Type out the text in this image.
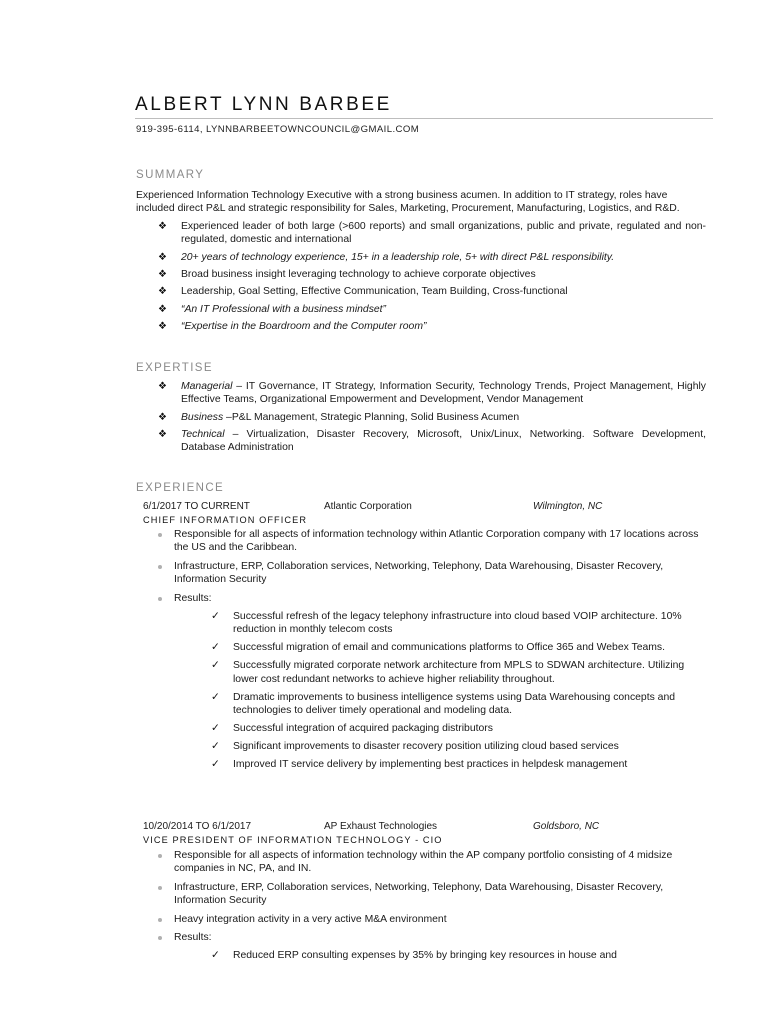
ALBERT LYNN BARBEE
919-395-6114, LYNNBARBEETOWNCOUNCIL@GMAIL.COM
SUMMARY
Experienced Information Technology Executive with a strong business acumen. In addition to IT strategy, roles have included direct P&L and strategic responsibility for Sales, Marketing, Procurement, Manufacturing, Logistics, and R&D.
❖ Experienced leader of both large (>600 reports) and small organizations, public and private, regulated and non-regulated, domestic and international
❖ 20+ years of technology experience, 15+ in a leadership role, 5+ with direct P&L responsibility.
❖ Broad business insight leveraging technology to achieve corporate objectives
❖ Leadership, Goal Setting, Effective Communication, Team Building, Cross-functional
❖ “An IT Professional with a business mindset”
❖ “Expertise in the Boardroom and the Computer room”
EXPERTISE
❖ Managerial – IT Governance, IT Strategy, Information Security, Technology Trends, Project Management, Highly Effective Teams, Organizational Empowerment and Development, Vendor Management
❖ Business –P&L Management, Strategic Planning, Solid Business Acumen
❖ Technical – Virtualization, Disaster Recovery, Microsoft, Unix/Linux, Networking. Software Development, Database Administration
EXPERIENCE
6/1/2017 TO CURRENT	Atlantic Corporation	Wilmington, NC
CHIEF INFORMATION OFFICER
Responsible for all aspects of information technology within Atlantic Corporation company with 17 locations across the US and the Caribbean.
Infrastructure, ERP, Collaboration services, Networking, Telephony, Data Warehousing, Disaster Recovery, Information Security
Results:
✓ Successful refresh of the legacy telephony infrastructure into cloud based VOIP architecture. 10% reduction in monthly telecom costs
✓ Successful migration of email and communications platforms to Office 365 and Webex Teams.
✓ Successfully migrated corporate network architecture from MPLS to SDWAN architecture. Utilizing lower cost redundant networks to achieve higher reliability throughout.
✓ Dramatic improvements to business intelligence systems using Data Warehousing concepts and technologies to deliver timely operational and modeling data.
✓ Successful integration of acquired packaging distributors
✓ Significant improvements to disaster recovery position utilizing cloud based services
✓ Improved IT service delivery by implementing best practices in helpdesk management
10/20/2014 TO 6/1/2017	AP Exhaust Technologies	Goldsboro, NC
VICE PRESIDENT OF INFORMATION TECHNOLOGY - CIO
Responsible for all aspects of information technology within the AP company portfolio consisting of 4 midsize companies in NC, PA, and IN.
Infrastructure, ERP, Collaboration services, Networking, Telephony, Data Warehousing, Disaster Recovery, Information Security
Heavy integration activity in a very active M&A environment
Results:
✓ Reduced ERP consulting expenses by 35% by bringing key resources in house and
